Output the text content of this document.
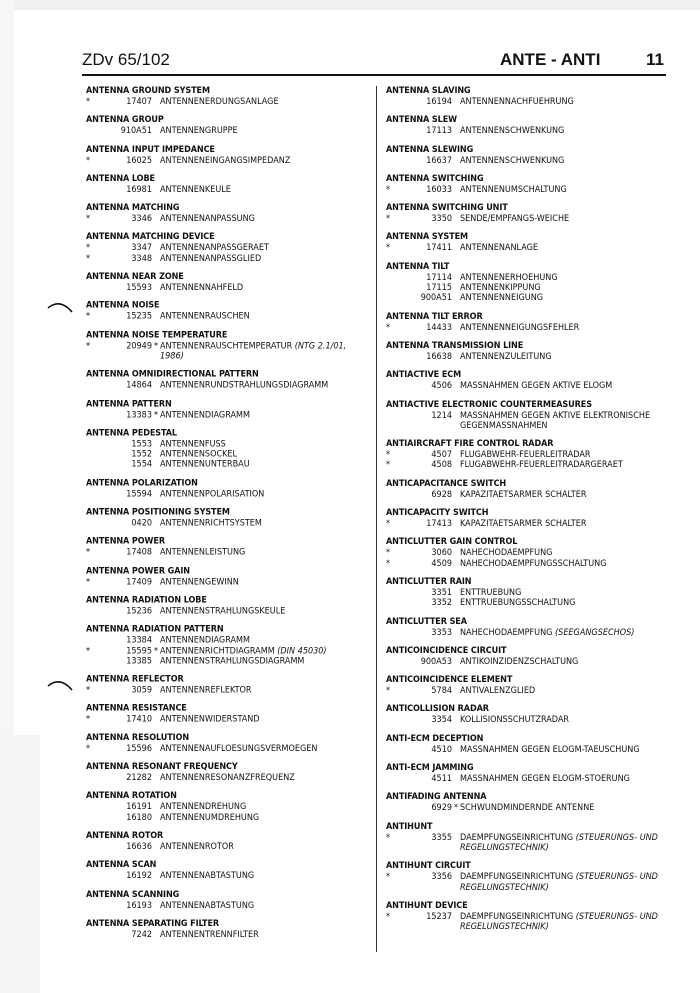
ZDv 65/102	ANTE - ANTI	11
ANTENNA GROUND SYSTEM
*	17407 ANTENNENERDUNGSANLAGE
ANTENNA GROUP
910A51 ANTENNENGRUPPE
ANTENNA INPUT IMPEDANCE
*	16025 ANTENNENEINGANGSIMPEDANZ
ANTENNA LOBE
16981 ANTENNENKEULE
ANTENNA MATCHING
*	3346 ANTENNENANPASSUNG
ANTENNA MATCHING DEVICE
*	3347 ANTENNENANPASSGERAET
*	3348 ANTENNENANPASSGLIED
ANTENNA NEAR ZONE
15593 ANTENNENNAHFELD
ANTENNA NOISE
*	15235 ANTENNENRAUSCHEN
ANTENNA NOISE TEMPERATURE
*	20949 * ANTENNENRAUSCHTEMPERATUR (NTG 2.1/01, 1986)
ANTENNA OMNIDIRECTIONAL PATTERN
14864 ANTENNENRUNDSTRAHLUNGSDIAGRAMM
ANTENNA PATTERN
13383 * ANTENNENDIAGRAMM
ANTENNA PEDESTAL
1553 ANTENNENFUSS
1552 ANTENNENSOCKEL
1554 ANTENNENUNTERBAU
ANTENNA POLARIZATION
15594 ANTENNENPOLARISATION
ANTENNA POSITIONING SYSTEM
0420 ANTENNENRICHTSYSTEM
ANTENNA POWER
*	17408 ANTENNENLEISTUNG
ANTENNA POWER GAIN
*	17409 ANTENNENGEWINN
ANTENNA RADIATION LOBE
15236 ANTENNENSTRAHLUNGSKEULE
ANTENNA RADIATION PATTERN
13384 ANTENNENDIAGRAMM
*	15595 * ANTENNENRICHTDIAGRAMM (DIN 45030)
13385 ANTENNENSTRAHLUNGSDIAGRAMM
ANTENNA REFLECTOR
*	3059 ANTENNENREFLEKTOR
ANTENNA RESISTANCE
*	17410 ANTENNENWIDERSTAND
ANTENNA RESOLUTION
*	15596 ANTENNENAUFLOESUNGSVERMOEGEN
ANTENNA RESONANT FREQUENCY
21282 ANTENNENRESONANZFREQUENZ
ANTENNA ROTATION
16191 ANTENNENDREHUNG
16180 ANTENNENUMDREHUNG
ANTENNA ROTOR
16636 ANTENNENROTOR
ANTENNA SCAN
16192 ANTENNENABTASTUNG
ANTENNA SCANNING
16193 ANTENNENABTASTUNG
ANTENNA SEPARATING FILTER
7242 ANTENNENTRENNFILTER
ANTENNA SLAVING
16194 ANTENNENNACHFUEHRUNG
ANTENNA SLEW
17113 ANTENNENSCHWENKUNG
ANTENNA SLEWING
16637 ANTENNENSCHWENKUNG
ANTENNA SWITCHING
*	16033 ANTENNENUMSCHALTUNG
ANTENNA SWITCHING UNIT
*	3350 SENDE/EMPFANGS-WEICHE
ANTENNA SYSTEM
*	17411 ANTENNENANLAGE
ANTENNA TILT
17114 ANTENNENERHOEHUNG
17115 ANTENNENKIPPUNG
900A51 ANTENNENNEIGUNG
ANTENNA TILT ERROR
*	14433 ANTENNENNEIGUNGSFEHLER
ANTENNA TRANSMISSION LINE
16638 ANTENNENZULEITUNG
ANTIACTIVE ECM
4506 MASSNAHMEN GEGEN AKTIVE ELOGM
ANTIACTIVE ELECTRONIC COUNTERMEASURES
1214 MASSNAHMEN GEGEN AKTIVE ELEKTRONISCHE GEGENMASSNAHMEN
ANTIAIRCRAFT FIRE CONTROL RADAR
*	4507 FLUGABWEHR-FEUERLEITRADAR
*	4508 FLUGABWEHR-FEUERLEITRADARGERAET
ANTICAPACITANCE SWITCH
6928 KAPAZITAETSARMER SCHALTER
ANTICAPACITY SWITCH
*	17413 KAPAZITAETSARMER SCHALTER
ANTICLUTTER GAIN CONTROL
*	3060 NAHECHODAEMPFUNG
*	4509 NAHECHODAEMPFUNGSSCHALTUNG
ANTICLUTTER RAIN
3351 ENTTRUEBUNG
3352 ENTTRUEBUNGSSCHALTUNG
ANTICLUTTER SEA
3353 NAHECHODAEMPFUNG (SEEGANGSECHOS)
ANTICOINCIDENCE CIRCUIT
900A53 ANTIKOINZIDENZSCHALTUNG
ANTICOINCIDENCE ELEMENT
*	5784 ANTIVALENZGLIED
ANTICOLLISION RADAR
3354 KOLLISIONSSCHUTZRADAR
ANTI-ECM DECEPTION
4510 MASSNAHMEN GEGEN ELOGM-TAEUSCHUNG
ANTI-ECM JAMMING
4511 MASSNAHMEN GEGEN ELOGM-STOERUNG
ANTIFADING ANTENNA
6929 * SCHWUNDMINDERNDE ANTENNE
ANTIHUNT
*	3355 DAEMPFUNGSEINRICHTUNG (STEUERUNGS- UND REGELUNGSTECHNIK)
ANTIHUNT CIRCUIT
*	3356 DAEMPFUNGSEINRICHTUNG (STEUERUNGS- UND REGELUNGSTECHNIK)
ANTIHUNT DEVICE
*	15237 DAEMPFUNGSEINRICHTUNG (STEUERUNGS- UND REGELUNGSTECHNIK)
